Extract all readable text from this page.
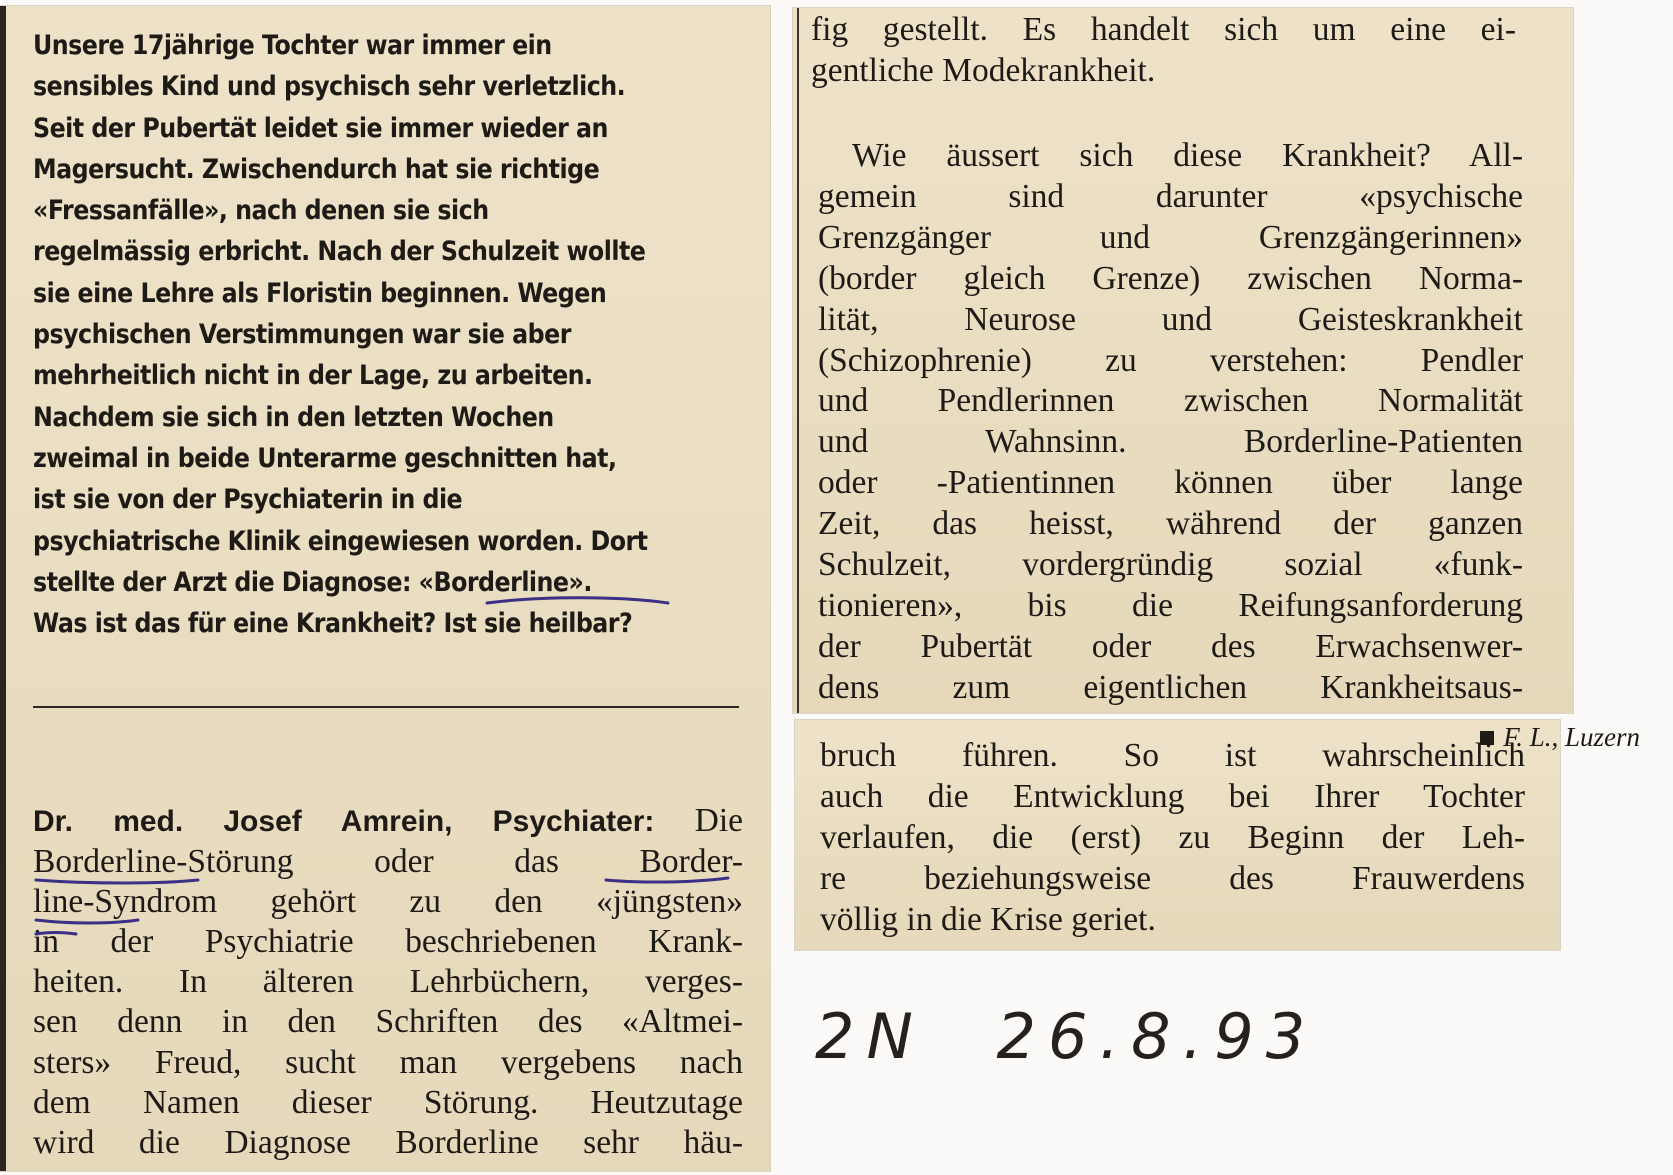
Unsere 17jährige Tochter war immer ein
sensibles Kind und psychisch sehr verletzlich.
Seit der Pubertät leidet sie immer wieder an
Magersucht. Zwischendurch hat sie richtige
«Fressanfälle», nach denen sie sich
regelmässig erbricht. Nach der Schulzeit wollte
sie eine Lehre als Floristin beginnen. Wegen
psychischen Verstimmungen war sie aber
mehrheitlich nicht in der Lage, zu arbeiten.
Nachdem sie sich in den letzten Wochen
zweimal in beide Unterarme geschnitten hat,
ist sie von der Psychiaterin in die
psychiatrische Klinik eingewiesen worden. Dort
stellte der Arzt die Diagnose: «Borderline».
Was ist das für eine Krankheit? Ist sie heilbar?
F. L., Luzern
Dr. med. Josef Amrein, Psychiater: Die
Borderline-Störung oder das Border-
line-Syndrom gehört zu den «jüngsten»
in der Psychiatrie beschriebenen Krank-
heiten. In älteren Lehrbüchern, verges-
sen denn in den Schriften des «Altmei-
sters» Freud, sucht man vergebens nach
dem Namen dieser Störung. Heutzutage
wird die Diagnose Borderline sehr häu-
fig gestellt. Es handelt sich um eine ei-
gentliche Modekrankheit.
Wie äussert sich diese Krankheit? All-
gemein sind darunter «psychische
Grenzgänger und Grenzgängerinnen»
(border gleich Grenze) zwischen Norma-
lität, Neurose und Geisteskrankheit
(Schizophrenie) zu verstehen: Pendler
und Pendlerinnen zwischen Normalität
und Wahnsinn. Borderline-Patienten
oder -Patientinnen können über lange
Zeit, das heisst, während der ganzen
Schulzeit, vordergründig sozial «funk-
tionieren», bis die Reifungsanforderung
der Pubertät oder des Erwachsenwer-
dens zum eigentlichen Krankheitsaus-
bruch führen. So ist wahrscheinlich
auch die Entwicklung bei Ihrer Tochter
verlaufen, die (erst) zu Beginn der Leh-
re beziehungsweise des Frauwerdens
völlig in die Krise geriet.
2N 26.8.93
